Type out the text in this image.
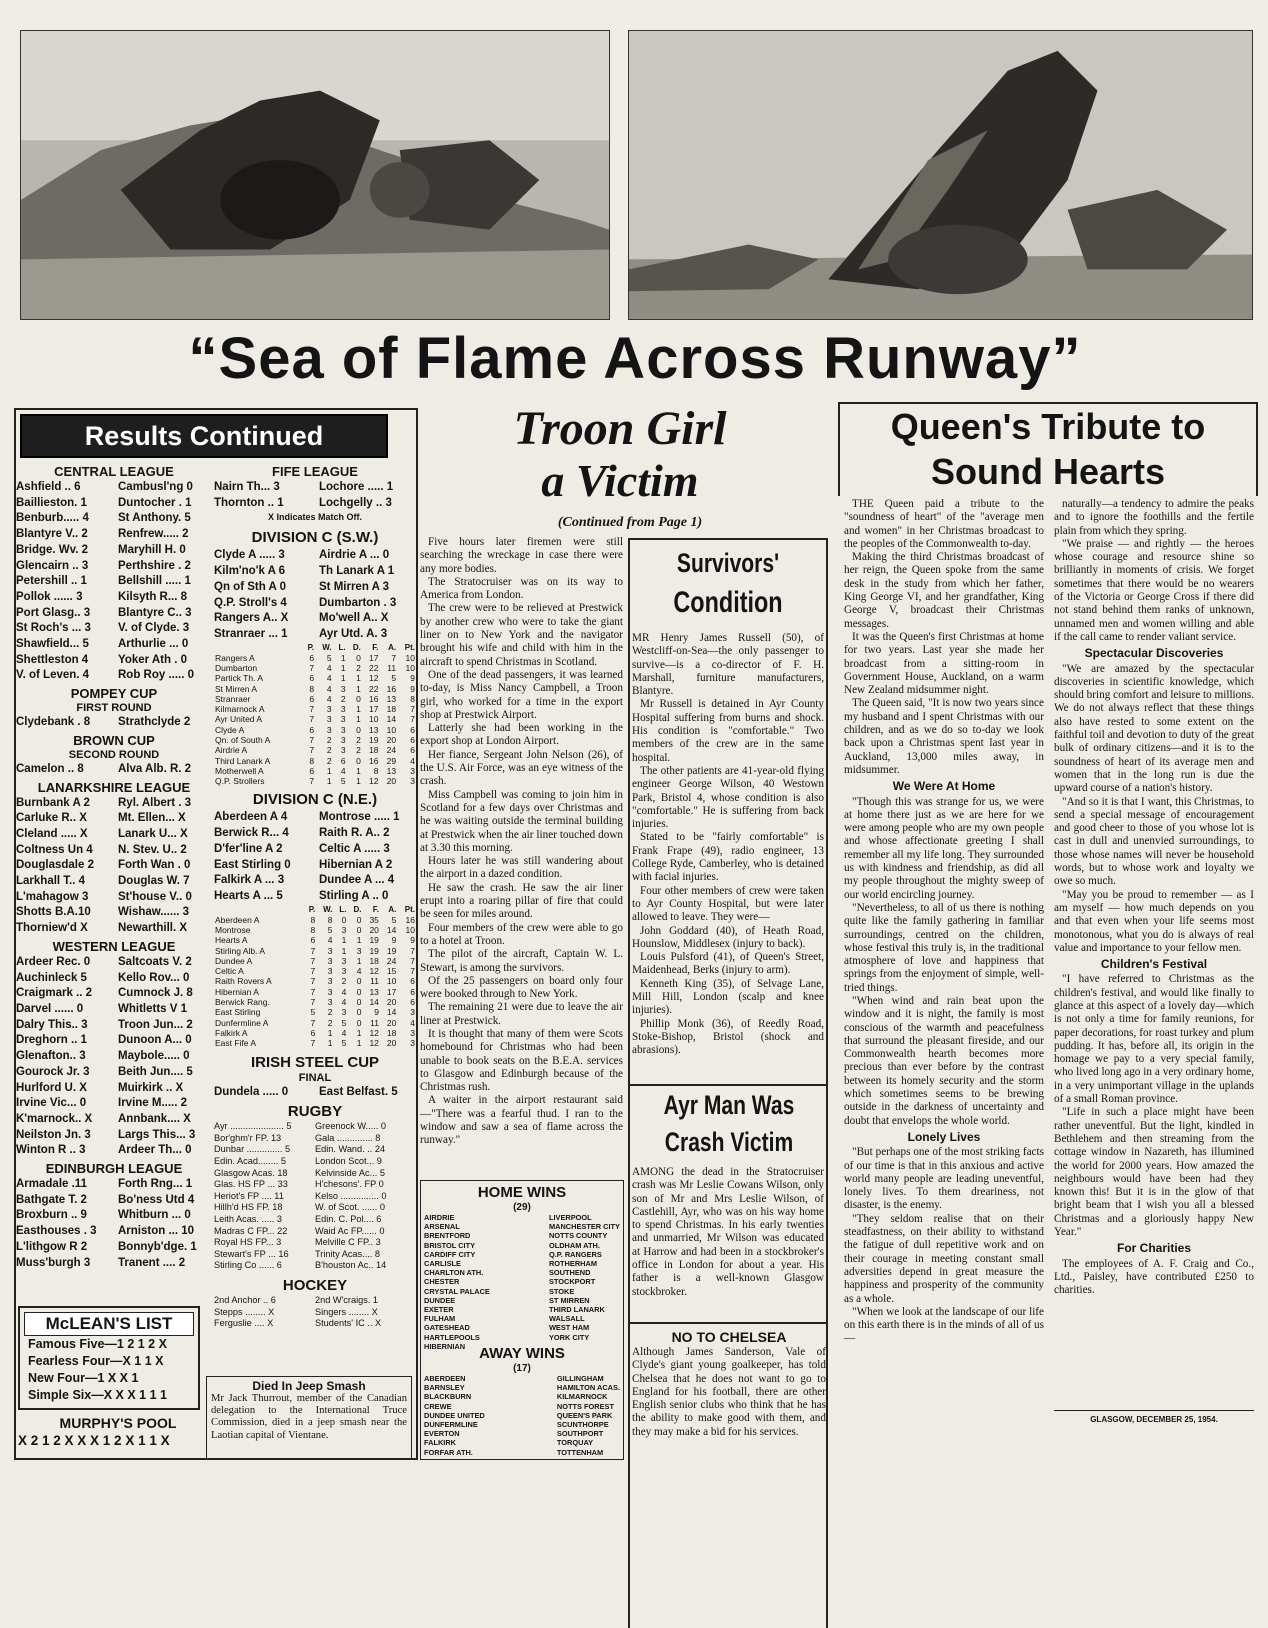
“Sea of Flame Across Runway”
Results Continued
CENTRAL LEAGUE
Ashfield .. 6	Cambusl'ng 0
Baillieston. 1	Duntocher . 1
Benburb..... 4	St Anthony. 5
Blantyre V.. 2	Renfrew..... 2
Bridge. Wv. 2	Maryhill H. 0
Glencairn .. 3	Perthshire . 2
Petershill .. 1	Bellshill ..... 1
Pollok ...... 3	Kilsyth R... 8
Port Glasg.. 3	Blantyre C.. 3
St Roch's ... 3	V. of Clyde. 3
Shawfield... 5	Arthurlie ... 0
Shettleston 4	Yoker Ath . 0
V. of Leven. 4	Rob Roy ..... 0
POMPEY CUP
FIRST ROUND
Clydebank . 8	Strathclyde 2
BROWN CUP
SECOND ROUND
Camelon .. 8	Alva Alb. R. 2
LANARKSHIRE LEAGUE
Burnbank A 2	Ryl. Albert . 3
Carluke R.. X	Mt. Ellen... X
Cleland ..... X	Lanark U... X
Coltness Un 4	N. Stev. U.. 2
Douglasdale 2	Forth Wan . 0
Larkhall T.. 4	Douglas W. 7
L'mahagow 3	St'house V.. 0
Shotts B.A.10	Wishaw...... 3
Thorniew'd X	Newarthill. X
WESTERN LEAGUE
Ardeer Rec. 0	Saltcoats V. 2
Auchinleck 5	Kello Rov... 0
Craigmark .. 2	Cumnock J. 8
Darvel ...... 0	Whitletts V 1
Dalry This.. 3	Troon Jun... 2
Dreghorn .. 1	Dunoon A... 0
Glenafton.. 3	Maybole..... 0
Gourock Jr. 3	Beith Jun.... 5
Hurlford U. X	Muirkirk .. X
Irvine Vic... 0	Irvine M..... 2
K'marnock.. X	Annbank.... X
Neilston Jn. 3	Largs This... 3
Winton R .. 3	Ardeer Th... 0
EDINBURGH LEAGUE
Armadale .11	Forth Rng... 1
Bathgate T. 2	Bo'ness Utd 4
Broxburn .. 9	Whitburn ... 0
Easthouses . 3	Arniston ... 10
L'lithgow R 2	Bonnyb'dge. 1
Muss'burgh 3	Tranent .... 2
McLEAN'S LIST
Famous Five—1 2 1 2 X
Fearless Four—X 1 1 X
New Four—1 X X 1
Simple Six—X X X 1 1 1
MURPHY'S POOL
X 2 1 2 X X X 1 2 X 1 1 X
FIFE LEAGUE
Nairn Th... 3	Lochore ..... 1
Thornton .. 1	Lochgelly .. 3
X Indicates Match Off.
DIVISION C (S.W.)
Clyde A ..... 3	Airdrie A ... 0
Kilm'no'k A 6	Th Lanark A 1
Qn of Sth A 0	St Mirren A 3
Q.P. Stroll's 4	Dumbarton . 3
Rangers A.. X	Mo'well A.. X
Stranraer ... 1	Ayr Utd. A. 3
	P.	W.	L.	D.	F.	A.	Pt.
Rangers A	6	5	1	0	17	7	10
Dumbarton	7	4	1	2	22	11	10
Partick Th. A	6	4	1	1	12	5	9
St Mirren A	8	4	3	1	22	16	9
Stranraer	6	4	2	0	16	13	8
Kilmarnock A	7	3	3	1	17	18	7
Ayr United A	7	3	3	1	10	14	7
Clyde A	6	3	3	0	13	10	6
Qn. of South A	7	2	3	2	19	20	6
Airdrie A	7	2	3	2	18	24	6
Third Lanark A	8	2	6	0	16	29	4
Motherwell A	6	1	4	1	8	13	3
Q.P. Strollers	7	1	5	1	12	20	3
DIVISION C (N.E.)
Aberdeen A 4	Montrose ..... 1
Berwick R... 4	Raith R. A.. 2
D'fer'line A 2	Celtic A ..... 3
East Stirling 0	Hibernian A 2
Falkirk A ... 3	Dundee A ... 4
Hearts A ... 5	Stirling A .. 0
	P.	W.	L.	D.	F.	A.	Pt.
Aberdeen A	8	8	0	0	35	5	16
Montrose	8	5	3	0	20	14	10
Hearts A	6	4	1	1	19	9	9
Stirling Alb. A	7	3	1	3	19	19	7
Dundee A	7	3	3	1	18	24	7
Celtic A	7	3	3	4	12	15	7
Raith Rovers A	7	3	2	0	11	10	6
Hibernian A	7	3	4	0	13	17	6
Berwick Rang.	7	3	4	0	14	20	6
East Stirling	5	2	3	0	9	14	3
Dunfermline A	7	2	5	0	11	20	4
Falkirk A	6	1	4	1	12	18	3
East Fife A	7	1	5	1	12	20	3
IRISH STEEL CUP
FINAL
Dundela ..... 0	East Belfast. 5
RUGBY
Ayr ..................... 5	Greenock W..... 0
Bor'ghm'r FP. 13	Gala .............. 8
Dunbar .............. 5	Edin. Wand. .. 24
Edin. Acad........ 5	London Scot... 9
Glasgow Acas. 18	Kelvinside Ac... 5
Glas. HS FP ... 33	H'chesons'. FP 0
Heriot's FP .... 11	Kelso ............... 0
Hillh'd HS FP. 18	W. of Scot. ...... 0
Leith Acas. ..... 3	Edin. C. Pol.... 6
Madras C FP... 22	Waid Ac FP...... 0
Royal HS FP... 3	Melville C FP.. 3
Stewart's FP ... 16	Trinity Acas.... 8
Stirling Co ...... 6	B'houston Ac.. 14
HOCKEY
2nd Anchor .. 6	2nd W'craigs. 1
Stepps ........ X	Singers ........ X
Ferguslie .... X	Students' IC .. X
Died In Jeep Smash
Mr Jack Thurrout, member of the Canadian delegation to the International Truce Commission, died in a jeep smash near the Laotian capital of Vientane.
Troon Girl
a Victim
(Continued from Page 1)

Five hours later firemen were still searching the wreckage in case there were any more bodies.

The Stratocruiser was on its way to America from London.

The crew were to be relieved at Prestwick by another crew who were to take the giant liner on to New York and the navigator brought his wife and child with him in the aircraft to spend Christmas in Scotland.

One of the dead passengers, it was learned to-day, is Miss Nancy Campbell, a Troon girl, who worked for a time in the export shop at Prestwick Airport.

Latterly she had been working in the export shop at London Airport.

Her fiance, Sergeant John Nelson (26), of the U.S. Air Force, was an eye witness of the crash.

Miss Campbell was coming to join him in Scotland for a few days over Christmas and he was waiting outside the terminal building at Prestwick when the air liner touched down at 3.30 this morning.

Hours later he was still wandering about the airport in a dazed condition.

He saw the crash. He saw the air liner erupt into a roaring pillar of fire that could be seen for miles around.

Four members of the crew were able to go to a hotel at Troon.

The pilot of the aircraft, Captain W. L. Stewart, is among the survivors.

Of the 25 passengers on board only four were booked through to New York.

The remaining 21 were due to leave the air liner at Prestwick.

It is thought that many of them were Scots homebound for Christmas who had been unable to book seats on the B.E.A. services to Glasgow and Edinburgh because of the Christmas rush.

A waiter in the airport restaurant said—"There was a fearful thud. I ran to the window and saw a sea of flame across the runway."

HOME WINS
(29)
AIRDRIE
ARSENAL
BRENTFORD
BRISTOL CITY
CARDIFF CITY
CARLISLE
CHARLTON ATH.
CHESTER
CRYSTAL PALACE
DUNDEE
EXETER
FULHAM
GATESHEAD
HARTLEPOOLS
HIBERNIAN
LIVERPOOL
MANCHESTER CITY
NOTTS COUNTY
OLDHAM ATH.
Q.P. RANGERS
ROTHERHAM
SOUTHEND
STOCKPORT
STOKE
ST MIRREN
THIRD LANARK
WALSALL
WEST HAM
YORK CITY
AWAY WINS
(17)
ABERDEEN
BARNSLEY
BLACKBURN
CREWE
DUNDEE UNITED
DUNFERMLINE
EVERTON
FALKIRK
FORFAR ATH.
GILLINGHAM
HAMILTON ACAS.
KILMARNOCK
NOTTS FOREST
QUEEN'S PARK
SCUNTHORPE
SOUTHPORT
TORQUAY
TOTTENHAM
Survivors'
Condition

MR Henry James Russell (50), of Westcliff-on-Sea—the only passenger to survive—is a co-director of F. H. Marshall, furniture manufacturers, Blantyre.

Mr Russell is detained in Ayr County Hospital suffering from burns and shock. His condition is "comfortable." Two members of the crew are in the same hospital.

The other patients are 41-year-old flying engineer George Wilson, 40 Westown Park, Bristol 4, whose condition is also "comfortable." He is suffering from back injuries.

Stated to be "fairly comfortable" is Frank Frape (49), radio engineer, 13 College Ryde, Camberley, who is detained with facial injuries.

Four other members of crew were taken to Ayr County Hospital, but were later allowed to leave. They were—

John Goddard (40), of Heath Road, Hounslow, Middlesex (injury to back).

Louis Pulsford (41), of Queen's Street, Maidenhead, Berks (injury to arm).

Kenneth King (35), of Selvage Lane, Mill Hill, London (scalp and knee injuries).

Phillip Monk (36), of Reedly Road, Stoke-Bishop, Bristol (shock and abrasions).

Ayr Man Was
Crash Victim

AMONG the dead in the Stratocruiser crash was Mr Leslie Cowans Wilson, only son of Mr and Mrs Leslie Wilson, of Castlehill, Ayr, who was on his way home to spend Christmas. In his early twenties and unmarried, Mr Wilson was educated at Harrow and had been in a stockbroker's office in London for about a year. His father is a well-known Glasgow stockbroker.

NO TO CHELSEA
Although James Sanderson, Vale of Clyde's giant young goalkeeper, has told Chelsea that he does not want to go to England for his football, there are other English senior clubs who think that he has the ability to make good with them, and they may make a bid for his services.
Queen's Tribute to
Sound Hearts

THE Queen paid a tribute to the "soundness of heart" of the "average men and women" in her Christmas broadcast to the peoples of the Commonwealth to-day.

Making the third Christmas broadcast of her reign, the Queen spoke from the same desk in the study from which her father, King George VI, and her grandfather, King George V, broadcast their Christmas messages.

It was the Queen's first Christmas at home for two years. Last year she made her broadcast from a sitting-room in Government House, Auckland, on a warm New Zealand midsummer night.

The Queen said, "It is now two years since my husband and I spent Christmas with our children, and as we do so to-day we look back upon a Christmas spent last year in Auckland, 13,000 miles away, in midsummer.

We Were At Home

"Though this was strange for us, we were at home there just as we are here for we were among people who are my own people and whose affectionate greeting I shall remember all my life long. They surrounded us with kindness and friendship, as did all my people throughout the mighty sweep of our world encircling journey.

"Nevertheless, to all of us there is nothing quite like the family gathering in familiar surroundings, centred on the children, whose festival this truly is, in the traditional atmosphere of love and happiness that springs from the enjoyment of simple, well-tried things.

"When wind and rain beat upon the window and it is night, the family is most conscious of the warmth and peacefulness that surround the pleasant fireside, and our Commonwealth hearth becomes more precious than ever before by the contrast between its homely security and the storm which sometimes seems to be brewing outside in the darkness of uncertainty and doubt that envelops the whole world.

Lonely Lives

"But perhaps one of the most striking facts of our time is that in this anxious and active world many people are leading uneventful, lonely lives. To them dreariness, not disaster, is the enemy.

"They seldom realise that on their steadfastness, on their ability to withstand the fatigue of dull repetitive work and on their courage in meeting constant small adversities depend in great measure the happiness and prosperity of the community as a whole.

"When we look at the landscape of our life on this earth there is in the minds of all of us—

naturally—a tendency to admire the peaks and to ignore the foothills and the fertile plain from which they spring.

"We praise — and rightly — the heroes whose courage and resource shine so brilliantly in moments of crisis. We forget sometimes that there would be no wearers of the Victoria or George Cross if there did not stand behind them ranks of unknown, unnamed men and women willing and able if the call came to render valiant service.

Spectacular Discoveries

"We are amazed by the spectacular discoveries in scientific knowledge, which should bring comfort and leisure to millions. We do not always reflect that these things also have rested to some extent on the faithful toil and devotion to duty of the great bulk of ordinary citizens—and it is to the soundness of heart of its average men and women that in the long run is due the upward course of a nation's history.

"And so it is that I want, this Christmas, to send a special message of encouragement and good cheer to those of you whose lot is cast in dull and unenvied surroundings, to those whose names will never be household words, but to whose work and loyalty we owe so much.

"May you be proud to remember — as I am myself — how much depends on you and that even when your life seems most monotonous, what you do is always of real value and importance to your fellow men.

Children's Festival

"I have referred to Christmas as the children's festival, and would like finally to glance at this aspect of a lovely day—which is not only a time for family reunions, for paper decorations, for roast turkey and plum pudding. It has, before all, its origin in the homage we pay to a very special family, who lived long ago in a very ordinary home, in a very unimportant village in the uplands of a small Roman province.

"Life in such a place might have been rather uneventful. But the light, kindled in Bethlehem and then streaming from the cottage window in Nazareth, has illumined the world for 2000 years. How amazed the neighbours would have been had they known this! But it is in the glow of that bright beam that I wish you all a blessed Christmas and a gloriously happy New Year."

For Charities

The employees of A. F. Craig and Co., Ltd., Paisley, have contributed £250 to charities.

GLASGOW, DECEMBER 25, 1954.
